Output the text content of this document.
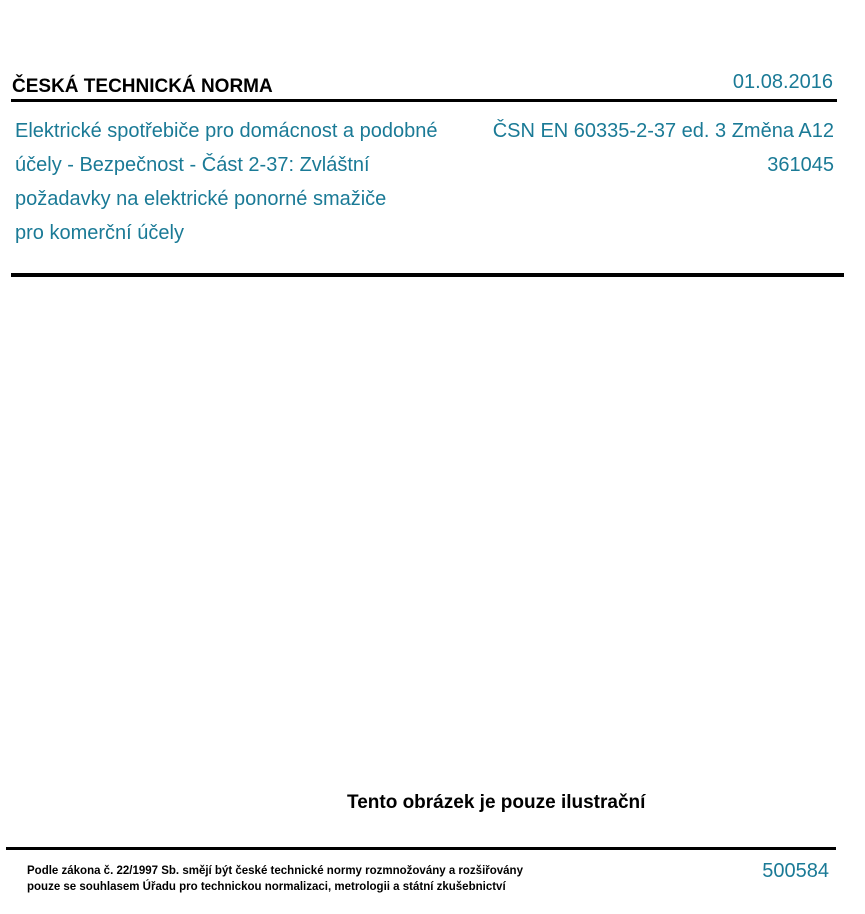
ČESKÁ TECHNICKÁ NORMA	01.08.2016
Elektrické spotřebiče pro domácnost a podobné
účely - Bezpečnost - Část 2-37: Zvláštní
požadavky na elektrické ponorné smažiče
pro komerční účely
ČSN EN 60335-2-37 ed. 3 Změna A12
361045
Tento obrázek je pouze ilustrační
Podle zákona č. 22/1997 Sb. smějí být české technické normy rozmnožovány a rozšiřovány
pouze se souhlasem Úřadu pro technickou normalizaci, metrologii a státní zkušebnictví
500584
